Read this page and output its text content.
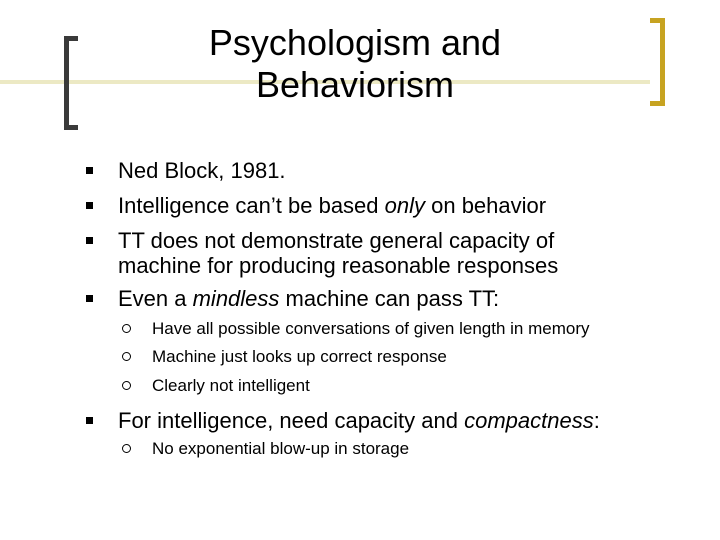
Psychologism and
Behaviorism
Ned Block, 1981.
Intelligence can’t be based only on behavior
TT does not demonstrate general capacity of
machine for producing reasonable responses
Even a mindless machine can pass TT:
Have all possible conversations of given length in memory
Machine just looks up correct response
Clearly not intelligent
For intelligence, need capacity and compactness:
No exponential blow-up in storage
